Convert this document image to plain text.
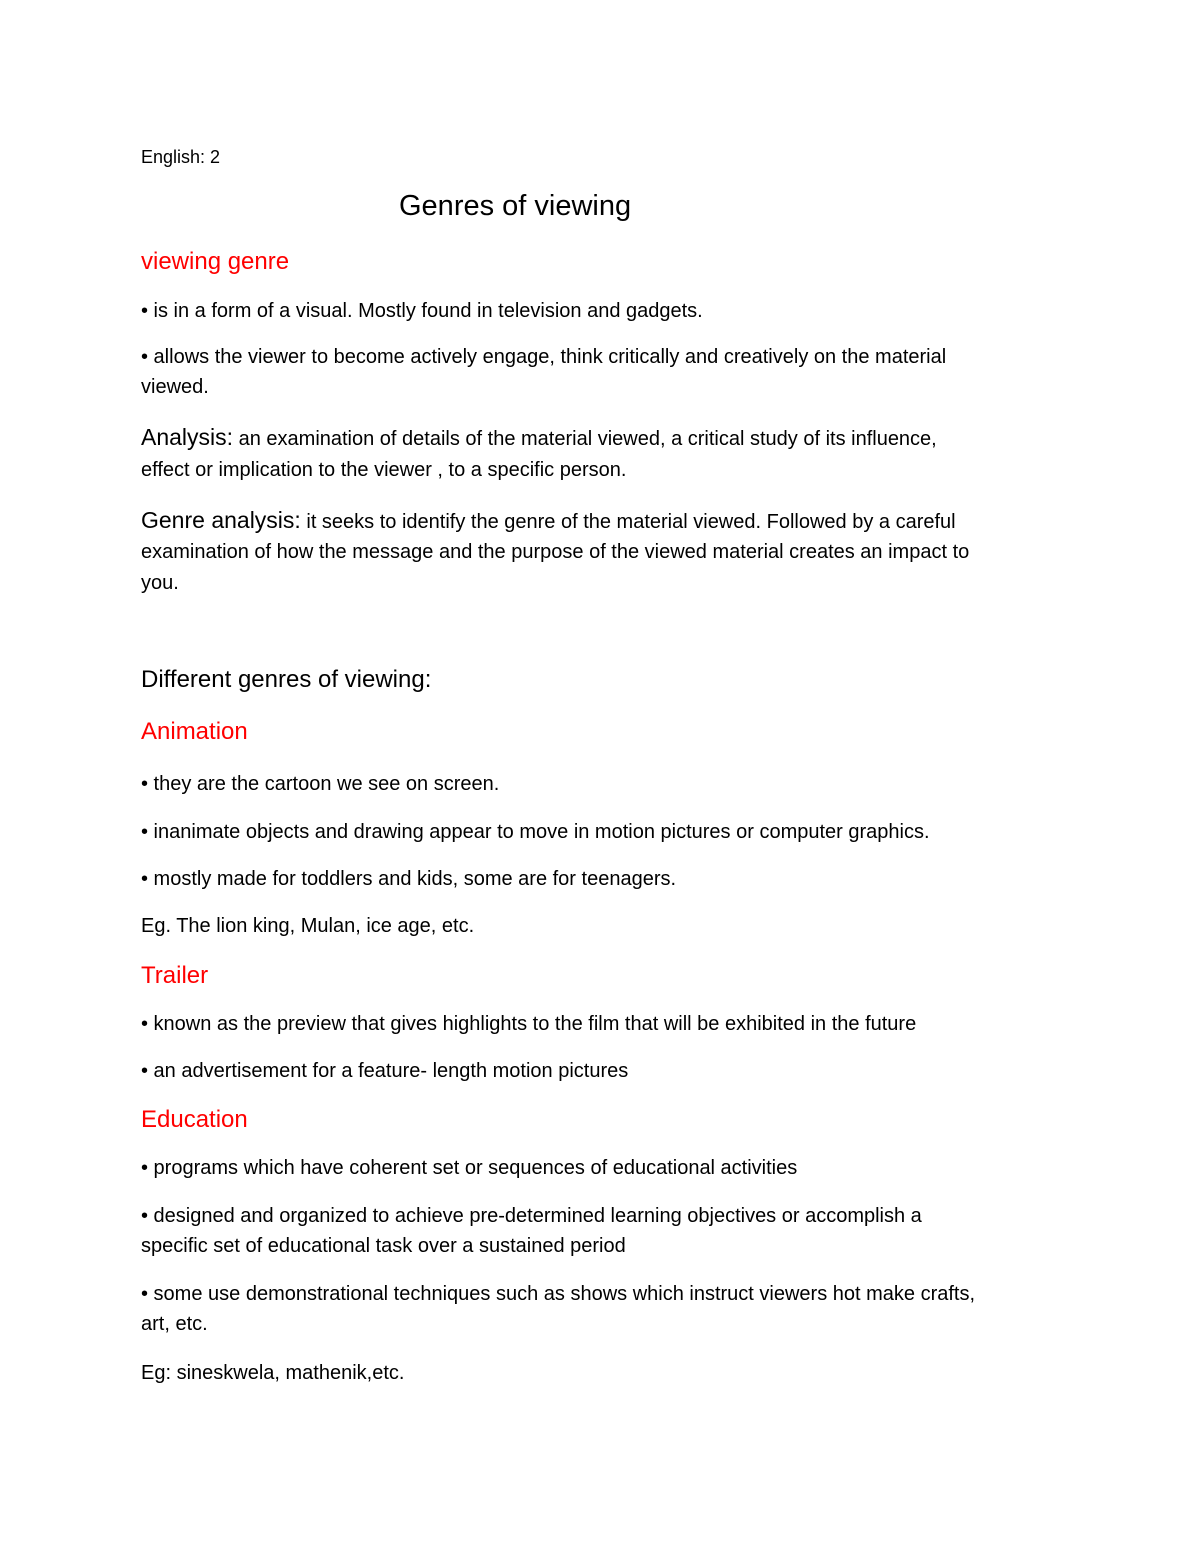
English: 2
Genres of viewing
viewing genre
• is in a form of a visual. Mostly found in television and gadgets.
• allows the viewer to become actively engage, think critically and creatively on the material
viewed.
Analysis: an examination of details of the material viewed, a critical study of its influence,
effect or implication to the viewer , to a specific person.
Genre analysis: it seeks to identify the genre of the material viewed. Followed by a careful
examination of how the message and the purpose of the viewed material creates an impact to
you.
Different genres of viewing:
Animation
• they are the cartoon we see on screen.
• inanimate objects and drawing appear to move in motion pictures or computer graphics.
• mostly made for toddlers and kids, some are for teenagers.
Eg. The lion king, Mulan, ice age, etc.
Trailer
• known as the preview that gives highlights to the film that will be exhibited in the future
• an advertisement for a feature- length motion pictures
Education
• programs which have coherent set or sequences of educational activities
• designed and organized to achieve pre-determined learning objectives or accomplish a
specific set of educational task over a sustained period
• some use demonstrational techniques such as shows which instruct viewers hot make crafts,
art, etc.
Eg: sineskwela, mathenik,etc.
